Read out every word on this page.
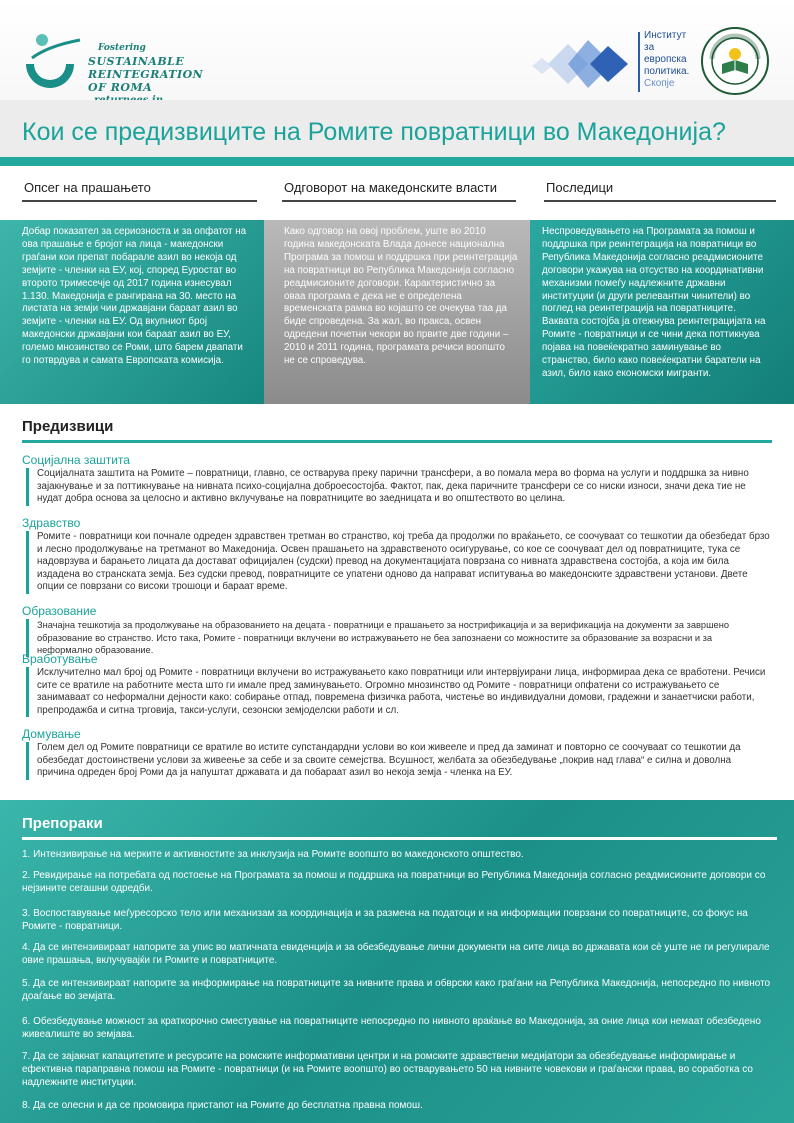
Fostering
SUSTAINABLE
REINTEGRATION OF ROMA
Институт
за
европска
политика.
Скопје
Кои се предизвиците на Ромите повратници во Македонија?
Опсег на прашањето	Одговорот на македонските власти	Последици
Добар показател за сериозноста и за опфатот на ова прашање е бројот на лица - македонски граѓани кои препат побарале азил во некоја од земјите - членки на ЕУ, кој, според Еуростат во второто тримесечје од 2017 година изнесувал 1.130. Македонија е рангирана на 30. место на листата на земји чии државјани бараат азил во земјите - членки на ЕУ. Од вкупниот број македонски државјани кои бараат азил во ЕУ, големо мнозинство се Роми, што барем двапати го потврдува и самата Европската комисија.
Како одговор на овој проблем, уште во 2010 година македонската Влада донесе национална Програма за помош и поддршка при реинтеграција на повратници во Република Македонија согласно реадмисионите договори. Карактеристично за оваа програма е дека не е определена временската рамка во којашто се очекува таа да биде спроведена. За жал, во пракса, освен одредени почетни чекори во првите две години – 2010 и 2011 година, програмата речиси воопшто не се спроведува.
Неспроведувањето на Програмата за помош и поддршка при реинтеграција на повратници во Република Македонија согласно реадмисионите договори укажува на отсуство на координативни механизми помеѓу надлежните државни институции (и други релевантни чинители) во поглед на реинтеграција на повратниците. Ваквата состојба ја отежнува реинтеграцијата на Ромите - повратници и се чини дека поттикнува појава на повеќекратно заминување во странство, било како повеќекратни баратели на азил, било како економски мигранти.
Предизвици
Социјална заштита
Социјалната заштита на Ромите – повратници, главно, се остварува преку парични трансфери, а во помала мера во форма на услуги и поддршка за нивно зајакнување и за поттикнување на нивната психо-социјална доброесостојба. Фактот, пак, дека паричните трансфери се со ниски износи, значи дека тие не нудат добра основа за целосно и активно вклучување на повратниците во заедницата и во општеството во целина.
Здравство
Ромите - повратници кои почнале одреден здравствен третман во странство, кој треба да продолжи по враќањето, се соочуваат со тешкотии да обезбедат брзо и лесно продолжување на третманот во Македонија. Освен прашањето на здравственото осигурување, со кое се соочуваат дел од повратниците, тука се надоврзува и барањето лицата да достават официјален (судски) превод на документацијата поврзана со нивната здравствена состојба, а која им била издадена во странската земја. Без судски превод, повратниците се упатени одново да направат испитувања во македонските здравствени установи. Двете опции се поврзани со високи трошоци и бараат време.
Образование
Значајна тешкотија за продолжување на образованието на децата - повратници е прашањето за нострификација и за верификација на документи за завршено образование во странство. Исто така, Ромите - повратници вклучени во истражувањето не беа запознаени со можностите за образование за возрасни и за неформално образование.
Вработување
Исклучително мал број од Ромите - повратници вклучени во истражувањето како повратници или интервјуирани лица, информираа дека се вработени. Речиси сите се вратиле на работните места што ги имале пред заминувањето. Огромно мнозинство од Ромите - повратници опфатени со истражувањето се занимаваат со неформални дејности како: собирање отпад, повремена физичка работа, чистење во индивидуални домови, градежни и занаетчиски работи, препродажба и ситна трговија, такси-услуги, сезонски земјоделски работи и сл.
Домување
Голем дел од Ромите повратници се вратиле во истите супстандардни услови во кои живееле и пред да заминат и повторно се соочуваат со тешкотии да обезбедат достоинствени услови за живеење за себе и за своите семејства. Всушност, желбата за обезбедување „покрив над глава“ е силна и доволна причина одреден број Роми да ја напуштат државата и да побараат азил во некоја земја - членка на ЕУ.
Препораки
1. Интензивирање на мерките и активностите за инклузија на Ромите воопшто во македонското општество.
2. Ревидирање на потребата од постоење на Програмата за помош и поддршка на повратници во Република Македонија согласно реадмисионите договори со нејзините сегашни одредби.
3. Воспоставување меѓуресорско тело или механизам за координација и за размена на податоци и на информации поврзани со повратниците, со фокус на Ромите - повратници.
4. Да се интензивираат напорите за упис во матичната евиденција и за обезбедување лични документи на сите лица во државата кои сè уште не ги регулирале овие прашања, вклучувајќи ги Ромите и повратниците.
5. Да се интензивираат напорите за информирање на повратниците за нивните права и обврски како граѓани на Република Македонија, непосредно по нивното доаѓање во земјата.
6. Обезбедување можност за краткорочно сместување на повратниците непосредно по нивното враќање во Македонија, за оние лица кои немаат обезбедено живеалиште во земјава.
7. Да се зајакнат капацитетите и ресурсите на ромските информативни центри и на ромските здравствени медијатори за обезбедување информирање и ефективна параправна помош на Ромите - повратници (и на Ромите воопшто) во остварувањето 50 на нивните човекови и граѓански права, во соработка со надлежните институции.
8. Да се олесни и да се промовира пристапот на Ромите до бесплатна правна помош.
